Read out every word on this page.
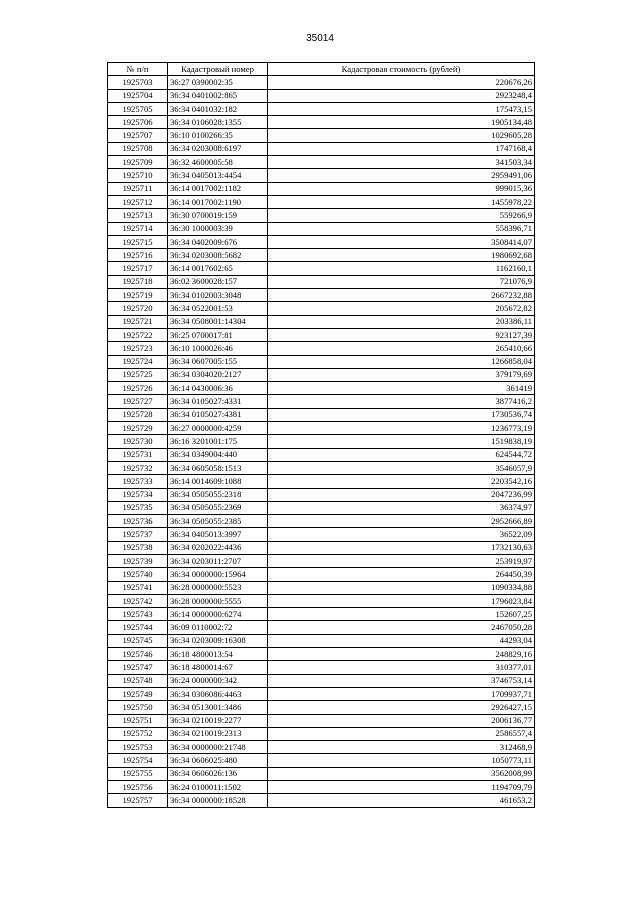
35014
№ п/п	Кадастровый номер	Кадастровая стоимость (рублей)
1925703	36:27 0390002:35	220676,26
1925704	36:34 0401002:865	2923248,4
1925705	36:34 0401032:182	175473,15
1925706	36:34 0106028:1355	1905134,48
1925707	36:10 0100266:35	1029605,28
1925708	36:34 0203008:6197	1747168,4
1925709	36:32 4600005:58	341503,34
1925710	36:34 0405013:4454	2959491,06
1925711	36:14 0017002:1182	999015,36
1925712	36:14 0017002:1190	1455978,22
1925713	36:30 0700019:159	559266,9
1925714	36:30 1000003:39	558396,71
1925715	36:34 0402009:676	3508414,07
1925716	36:34 0203008:5682	1980692,68
1925717	36:14 0017602:65	1162160,1
1925718	36:02 3600028:157	721076,9
1925719	36:34 0102003:3048	2667232,88
1925720	36:34 0522001:53	205672,82
1925721	36:34 0508001:14304	203386,11
1925722	36:25 0700017:81	923127,39
1925723	36:10 1000026:46	265410,66
1925724	36:34 0607005:155	1266858,04
1925725	36:34 0304020:2127	379179,69
1925726	36:14 0430006:36	361419
1925727	36:34 0105027:4331	3877416,2
1925728	36:34 0105027:4381	1730536,74
1925729	36:27 0000000:4259	1236773,19
1925730	36:16 3201001:175	1519838,19
1925731	36:34 0349004:440	624544,72
1925732	36:34 0605058:1513	3546057,9
1925733	36:14 0014609:1088	2203542,16
1925734	36:34 0505055:2318	2047236,99
1925735	36:34 0505055:2369	36374,97
1925736	36:34 0505055:2385	2952666,89
1925737	36:34 0405013:3997	36522,09
1925738	36:34 0202022:4436	1732130,63
1925739	36:34 0203011:2707	253919,97
1925740	36:34 0000000:15964	264450,39
1925741	36:28 0000000:5523	1090334,88
1925742	36:28 0000000:5555	1796023,84
1925743	36:14 0000000:6274	152607,25
1925744	36:09 0110002:72	2467050,28
1925745	36:34 0203009:16308	44293,04
1925746	36:18 4800013:54	248829,16
1925747	36:18 4800014:67	310377,01
1925748	36:24 0000000:342	3746753,14
1925749	36:34 0306086:4463	1709937,71
1925750	36:34 0513001:3486	2926427,15
1925751	36:34 0210019:2277	2006136,77
1925752	36:34 0210019:2313	2586557,4
1925753	36:34 0000000:21748	312468,9
1925754	36:34 0606025:480	1050773,11
1925755	36:34 0606026:136	3562008,99
1925756	36:24 0100011:1502	1194709,79
1925757	36:34 0000000:18528	461653,2
